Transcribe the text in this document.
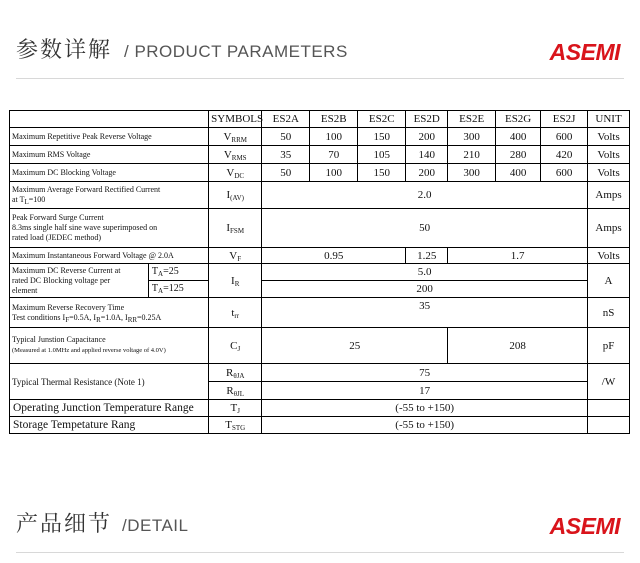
参数详解 / PRODUCT PARAMETERS	ASEMI
		SYMBOLS	ES2A	ES2B	ES2C	ES2D	ES2E	ES2G	ES2J	UNIT
Maximum Repetitive Peak Reverse Voltage		$V_{RRM}$	50	100	150	200	300	400	600	Volts
Maximum RMS Voltage		$V_{RMS}$	35	70	105	140	210	280	420	Volts
Maximum DC Blocking Voltage		$V_{DC}$	50	100	150	200	300	400	600	Volts
Maximum Average Forward Rectified Current
at $T_L=100$		$I_{(AV)}$	2.0							Amps
Peak Forward Surge Current
8.3ms single half sine wave superimposed on
rated load (JEDEC method)		$I_{FSM}$	50							Amps
Maximum Instantaneous Forward Voltage @ 2.0A		$V_F$	0.95			1.25	1.7			Volts
Maximum DC Reverse Current at
rated DC Blocking voltage per
element	$T_A=25$	$I_R$	5.0							A
	$T_A=125$		200							
Maximum Reverse Recovery Time
Test conditions $I_F=0.5A$, $I_R=1.0A$, $I_{RR}=0.25A$		$t_{rr}$	35							nS
Typical Junstion Capacitance
(Measured at 1.0MHz and applied reverse voltage of 4.0V)		$C_J$	25				208			pF
Typical Thermal Resistance (Note 1)		$R_{\theta JA}$	75							/W
		$R_{\theta JL}$	17							
Operating Junction Temperature Range		$T_J$	(-55 to +150)							
Storage Tempetature Rang		$T_{STG}$	(-55 to +150)							
产品细节 /DETAIL	ASEMI
